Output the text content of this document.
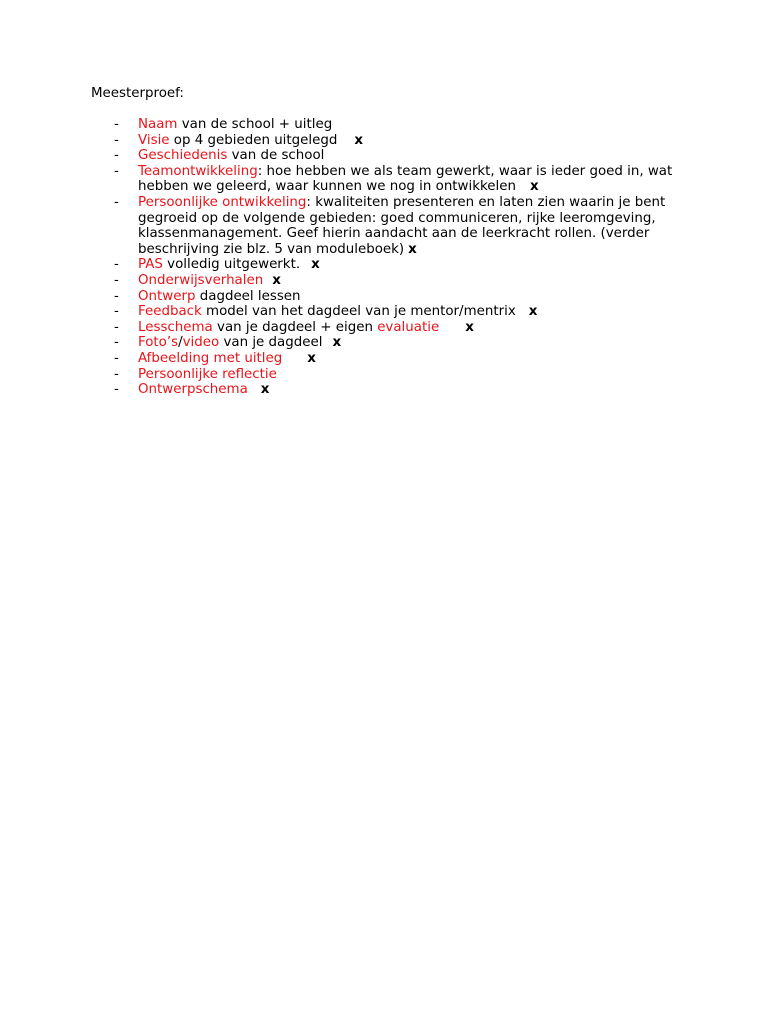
Meesterproef:

- Naam van de school + uitleg
- Visie op 4 gebieden uitgelegd x
- Geschiedenis van de school
- Teamontwikkeling: hoe hebben we als team gewerkt, waar is ieder goed in, wat hebben we geleerd, waar kunnen we nog in ontwikkelen x
- Persoonlijke ontwikkeling: kwaliteiten presenteren en laten zien waarin je bent gegroeid op de volgende gebieden: goed communiceren, rijke leeromgeving, klassenmanagement. Geef hierin aandacht aan de leerkracht rollen. (verder beschrijving zie blz. 5 van moduleboek) x
- PAS volledig uitgewerkt. x
- Onderwijsverhalen x
- Ontwerp dagdeel lessen
- Feedback model van het dagdeel van je mentor/mentrix x
- Lesschema van je dagdeel + eigen evaluatie x
- Foto’s/video van je dagdeel x
- Afbeelding met uitleg x
- Persoonlijke reflectie
- Ontwerpschema x
